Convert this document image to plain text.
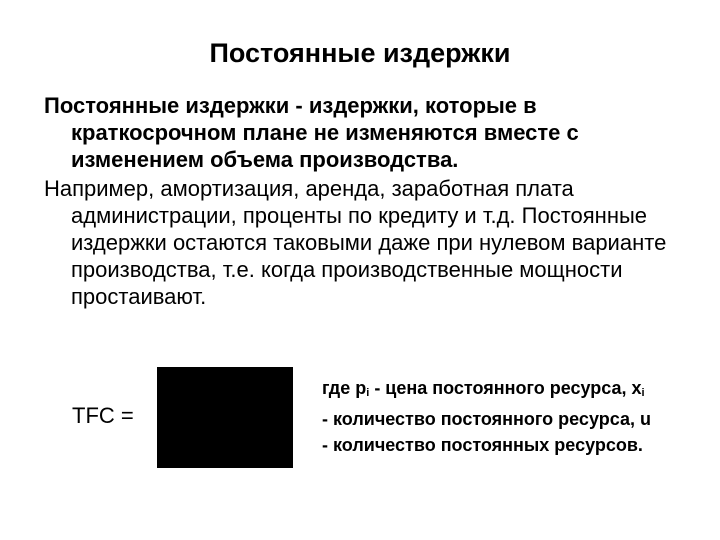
Постоянные издержки
Постоянные издержки - издержки, которые в краткосрочном плане не изменяются вместе с изменением объема производства.
Например, амортизация, аренда, заработная плата администрации, проценты по кредиту и т.д. Постоянные издержки остаются таковыми даже при нулевом варианте производства, т.е. когда производственные мощности простаивают.
TFC =
где $p_i$ - цена постоянного ресурса, $x_i$ - количество постоянного ресурса, u - количество постоянных ресурсов.
